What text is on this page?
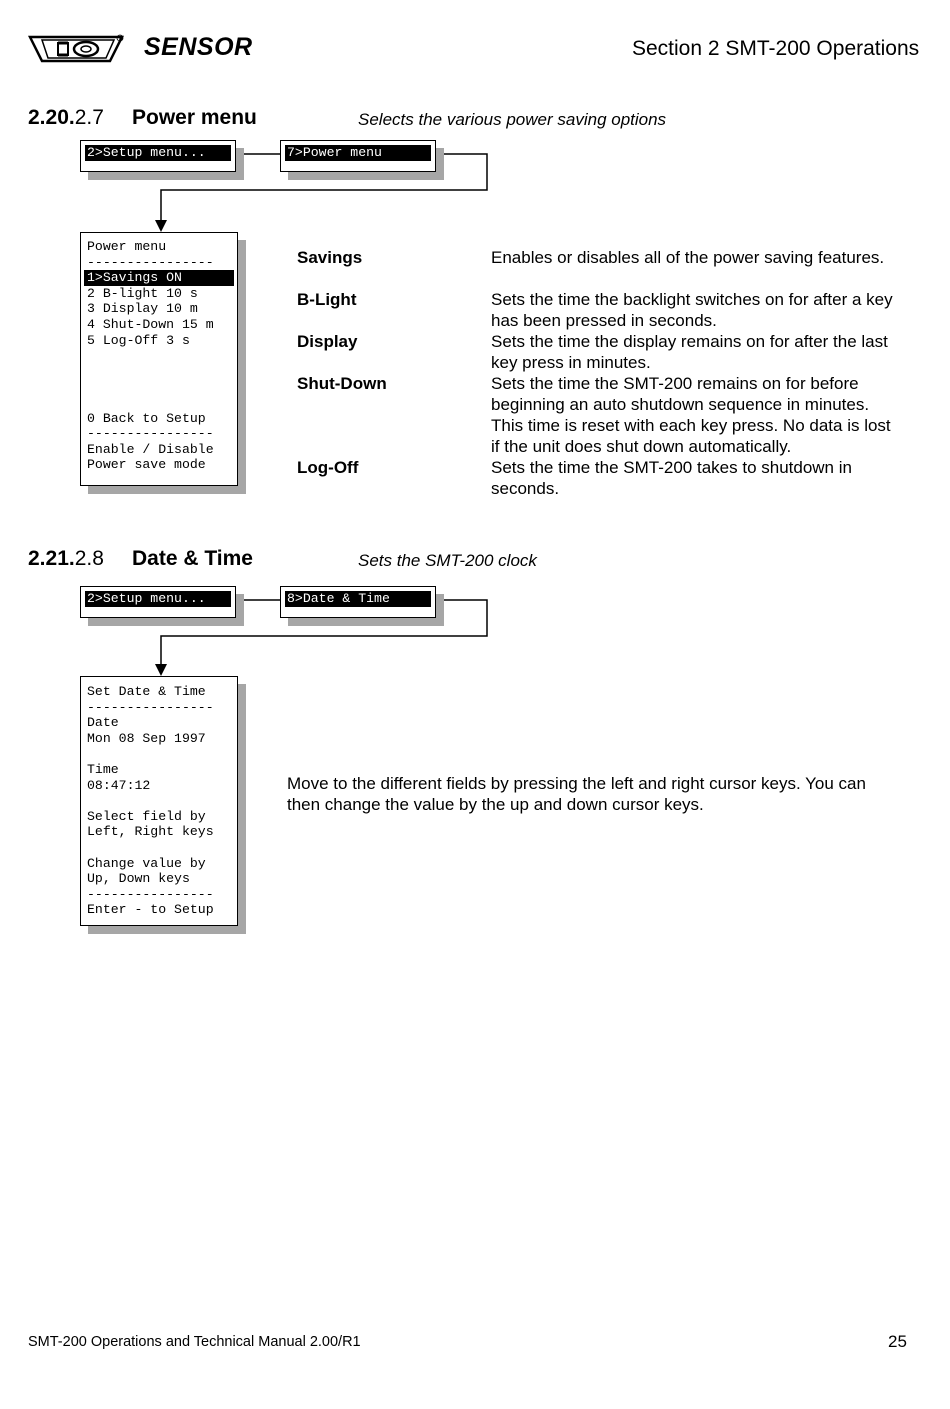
R SENSOR	Section 2 SMT-200 Operations
2.20.2.7 Power menu	Selects the various power saving options
2>Setup menu...	7>Power menu
Power menu
----------------
1>Savings ON
2 B-light 10 s
3 Display 10 m
4 Shut-Down 15 m
5 Log-Off 3 s
0 Back to Setup
----------------
Enable / Disable
Power save mode
Savings	Enables or disables all of the power saving features.
B-Light	Sets the time the backlight switches on for after a key has been pressed in seconds.
Display	Sets the time the display remains on for after the last key press in minutes.
Shut-Down	Sets the time the SMT-200 remains on for before beginning an auto shutdown sequence in minutes. This time is reset with each key press. No data is lost if the unit does shut down automatically.
Log-Off	Sets the time the SMT-200 takes to shutdown in seconds.
2.21.2.8 Date & Time	Sets the SMT-200 clock
2>Setup menu...	8>Date & Time
Set Date & Time
----------------
Date
Mon 08 Sep 1997
Time
08:47:12
Select field by
Left, Right keys
Change value by
Up, Down keys
----------------
Enter - to Setup
Move to the different fields by pressing the left and right cursor keys. You can then change the value by the up and down cursor keys.
SMT-200 Operations and Technical Manual 2.00/R1	25
